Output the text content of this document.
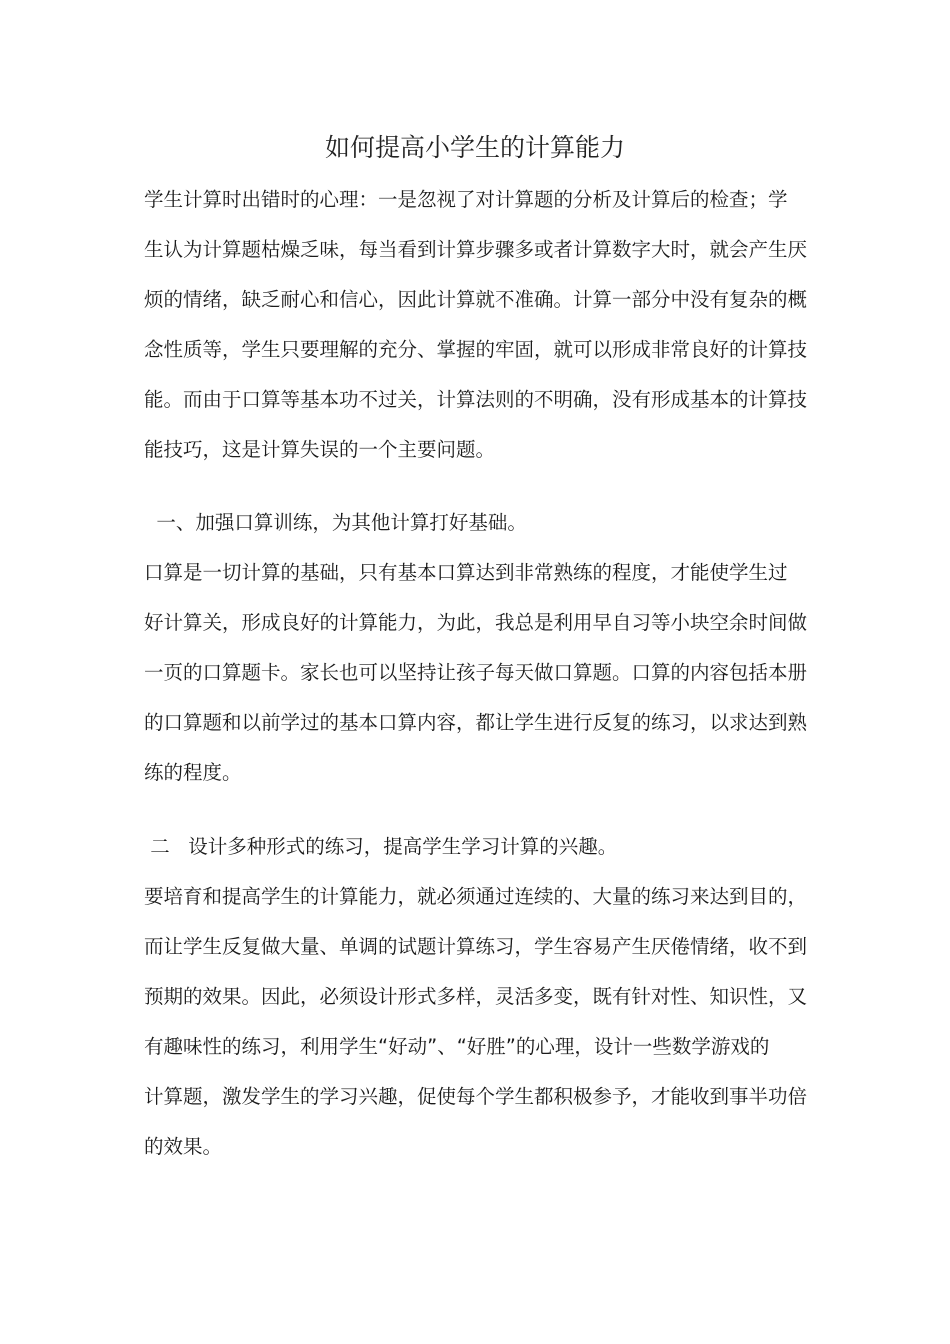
如何提高小学生的计算能力
学生计算时出错时的心理：一是忽视了对计算题的分析及计算后的检查；学
生认为计算题枯燥乏味，每当看到计算步骤多或者计算数字大时，就会产生厌
烦的情绪，缺乏耐心和信心，因此计算就不准确。计算一部分中没有复杂的概
念性质等，学生只要理解的充分、掌握的牢固，就可以形成非常良好的计算技
能。而由于口算等基本功不过关，计算法则的不明确，没有形成基本的计算技
能技巧，这是计算失误的一个主要问题。
一、加强口算训练，为其他计算打好基础。
口算是一切计算的基础，只有基本口算达到非常熟练的程度，才能使学生过
好计算关，形成良好的计算能力，为此，我总是利用早自习等小块空余时间做
一页的口算题卡。家长也可以坚持让孩子每天做口算题。口算的内容包括本册
的口算题和以前学过的基本口算内容，都让学生进行反复的练习，以求达到熟
练的程度。
二   设计多种形式的练习，提高学生学习计算的兴趣。
要培育和提高学生的计算能力，就必须通过连续的、大量的练习来达到目的，
而让学生反复做大量、单调的试题计算练习，学生容易产生厌倦情绪，收不到
预期的效果。因此，必须设计形式多样，灵活多变，既有针对性、知识性，又
有趣味性的练习，利用学生“好动”、“好胜”的心理，设计一些数学游戏的
计算题，激发学生的学习兴趣，促使每个学生都积极参予，才能收到事半功倍
的效果。
